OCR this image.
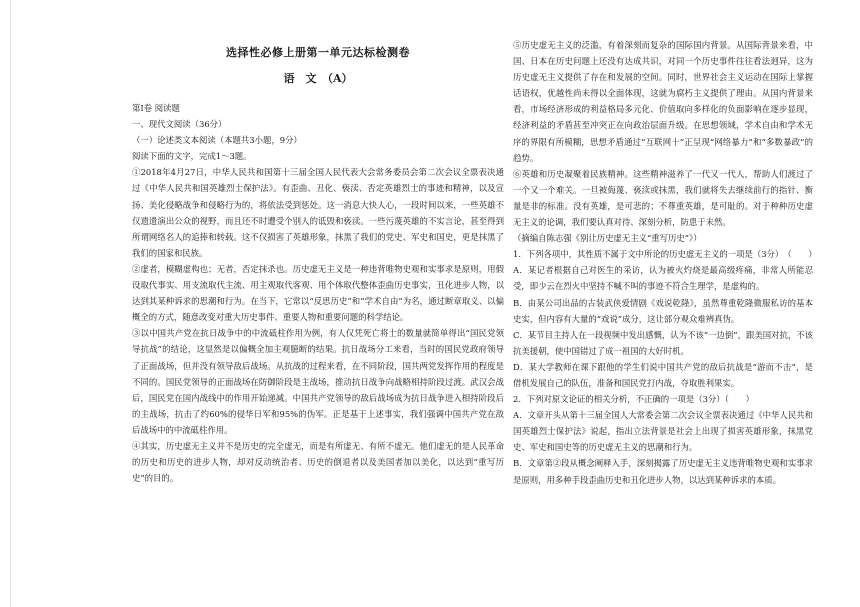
选择性必修上册第一单元达标检测卷
语　文　（A）
第Ⅰ卷 阅读题
一、现代文阅读（36分）
（一）论述类文本阅读（本题共3小题，9分）
阅读下面的文字，完成1～3题。
①2018年4月27日，中华人民共和国第十三届全国人民代表大会常务委员会第二次会议全票表决通过《中华人民共和国英雄烈士保护法》。有歪曲、丑化、亵渎、否定英雄烈士的事迹和精神，以及宣扬、美化侵略战争和侵略行为的，将依法受到惩处。这一消息大快人心，一段时间以来，一些英雄不仅遗遗演出公众的视野，而且还不时遭受个别人的诋毁和亵渎。一些污蔑英雄的不实言论，甚至得到所谓网络名人的追捧和转载。这不仅损害了英雄形象，抹黑了我们的党史、军史和国史，更是抹黑了我们的国家和民族。
②虚者，模糊虚构也；无者，否定抹杀也。历史虚无主义是一种违背唯物史观和实事求是原则，用假设取代事实、用支流取代主流、用主观取代客观、用个体取代整体歪曲历史事实，丑化进步人物，以达到其某种诉求的思潮和行为。在当下，它常以“反思历史”和“学术自由”为名，通过断章取义、以偏概全的方式，随意改变对重大历史事件、重要人物和重要问题的科学结论。
③以中国共产党在抗日战争中的中流砥柱作用为例，有人仅凭死亡将士的数量就简单得出“国民党领导抗战”的结论，这显然是以偏概全加主观臆断的结果。抗日战场分工来看，当时的国民党政府领导了正面战场，但并没有领导敌后战场。从抗战的过程来看，在不同阶段，国共两党发挥作用的程度是不同的。国民党领导的正面战场在防御阶段是主战场，推动抗日战争向战略相持阶段过渡。武汉会战后，国民党在国内战线中的作用开始递减。中国共产党领导的敌后战场成为抗日战争进入相持阶段后的主战场，抗击了约60%的侵华日军和95%的伪军。正是基于上述事实，我们强调中国共产党在敌后战场中的中流砥柱作用。
④其实，历史虚无主义并不是历史的完全虚无，而是有所虚无、有所不虚无。他们虚无的是人民革命的历史和历史的进步人物，却对反动统治者、历史的倒退者以及美国者加以美化，以达到“重写历史”的目的。
⑤历史虚无主义的泛滥，有着深刻而复杂的国际国内背景。从国际背景来看，中国、日本在历史问题上还没有达成共识，对同一个历史事件往往看法迥异，这为历史虚无主义提供了存在和发展的空间。同时，世界社会主义运动在国际上掌握话语权，优越性尚未得以全面体现，这就为腐朽主义提供了理由。从国内背景来看，市场经济形成的利益格局多元化、价值取向多样化的负面影响在逐步显现，经济利益的矛盾甚至冲突正在向政治层面升级。在思想领域，学术自由和学术无序的界限有所模糊，思想矛盾通过“互联网十”正呈现“网络暴力”和“多数暴政”的趋势。
⑥英雄和历史凝聚着民族精神。这些精神滋养了一代又一代人，帮助人们渡过了一个又一个难关。一旦被侮蔑、亵渎或抹黑，我们就将失去继续前行的指针、衡量是非的标准。没有英雄，是可悲的；不尊重英雄，是可耻的。对于种种历史虚无主义的论调，我们要认真对待、深刻分析，防患于未然。
（摘编自陈志强《别让历史虚无主义“重写历史”》）
1．下列各项中，其性质不属于文中所论的历史虚无主义的一项是（3分）　（　　）
A．某记者根据自己对医生的采访，认为被火灼烧是最高级疼痛，非常人所能忍受，即少云在烈火中坚持不喊不叫的事迹不符合生理学，是虚构的。
B．由某公司出品的古装武侠爱情剧《戏说乾隆》，虽然尊重乾隆微服私访的基本史实，但内容有大量的“戏说”成分，这让部分观众难辨真伪。
C．某节目主持人在一段视频中发出感慨，认为不该“一边倒”，跟美国对抗，不该抗美援朝，使中国错过了成一祖国的大好时机。
D．某大学教师在课下跟他的学生们说中国共产党的敌后抗战是“游而不击”，是借机发展自己的队伍，准备和国民党打内战，夺取胜利果实。
2．下列对原文论证的相关分析，不正确的一项是（3分）（　　）
A．文章开头从第十三届全国人大常委会第二次会议全票表决通过《中华人民共和国英雄烈士保护法》说起，指出立法背景是社会上出现了损害英雄形象，抹黑党史、军史和国史等的历史虚无主义的思潮和行为。
B．文章第②段从概念阐释入手，深刻揭露了历史虚无主义违背唯物史观和实事求是原则，用多种手段歪曲历史和丑化进步人物，以达到某种诉求的本质。
